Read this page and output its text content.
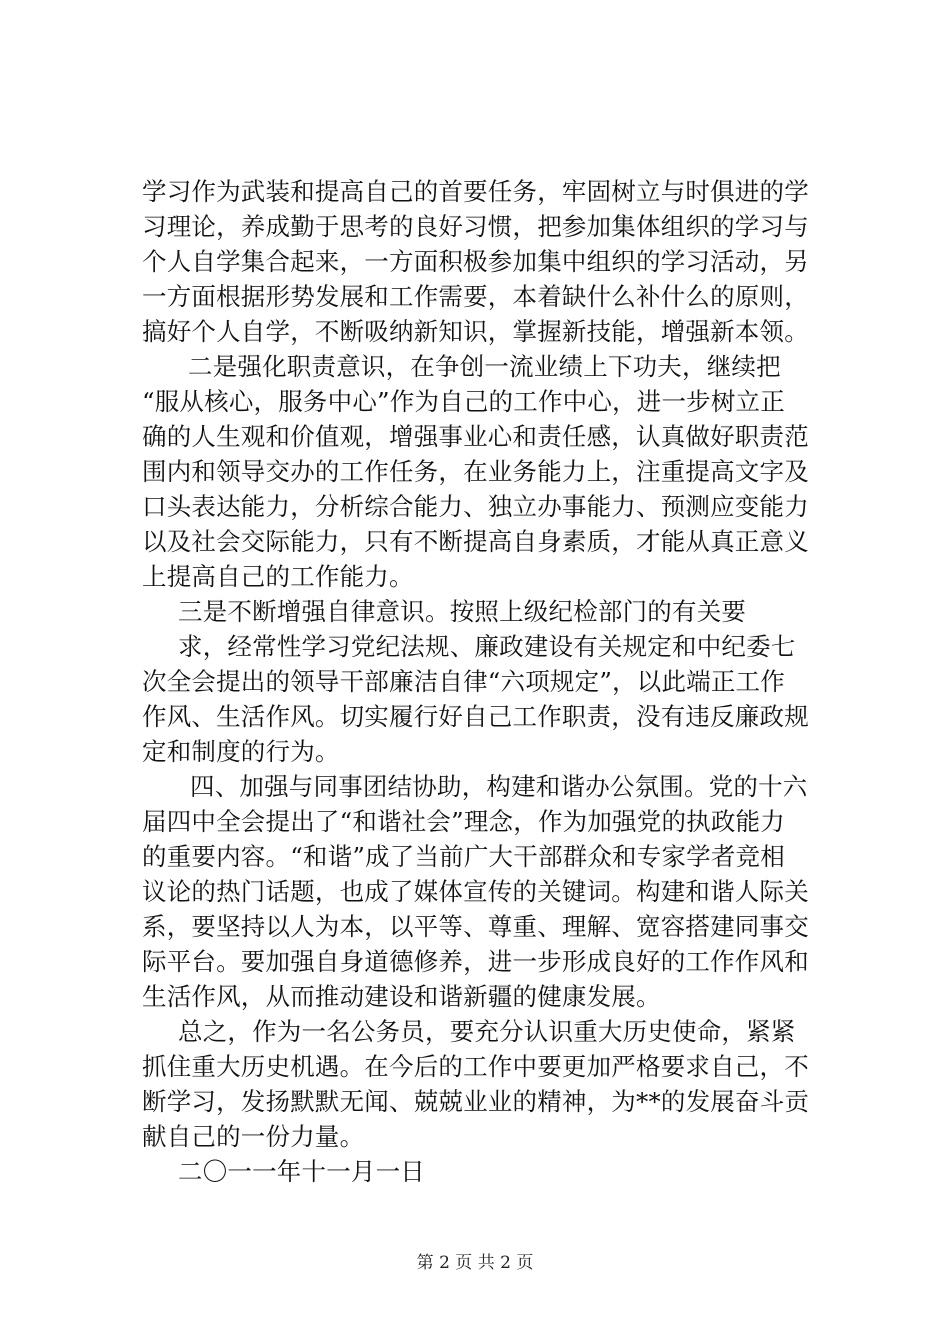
学习作为武装和提高自己的首要任务，牢固树立与时俱进的学
习理论，养成勤于思考的良好习惯，把参加集体组织的学习与
个人自学集合起来，一方面积极参加集中组织的学习活动，另
一方面根据形势发展和工作需要，本着缺什么补什么的原则，
搞好个人自学，不断吸纳新知识，掌握新技能，增强新本领。
二是强化职责意识，在争创一流业绩上下功夫，继续把
“服从核心，服务中心”作为自己的工作中心，进一步树立正
确的人生观和价值观，增强事业心和责任感，认真做好职责范
围内和领导交办的工作任务，在业务能力上，注重提高文字及
口头表达能力，分析综合能力、独立办事能力、预测应变能力
以及社会交际能力，只有不断提高自身素质，才能从真正意义
上提高自己的工作能力。
三是不断增强自律意识。按照上级纪检部门的有关要
求，经常性学习党纪法规、廉政建设有关规定和中纪委七
次全会提出的领导干部廉洁自律“六项规定”，以此端正工作
作风、生活作风。切实履行好自己工作职责，没有违反廉政规
定和制度的行为。
四、加强与同事团结协助，构建和谐办公氛围。党的十六
届四中全会提出了“和谐社会”理念，作为加强党的执政能力
的重要内容。“和谐”成了当前广大干部群众和专家学者竞相
议论的热门话题，也成了媒体宣传的关键词。构建和谐人际关
系，要坚持以人为本，以平等、尊重、理解、宽容搭建同事交
际平台。要加强自身道德修养，进一步形成良好的工作作风和
生活作风，从而推动建设和谐新疆的健康发展。
总之，作为一名公务员，要充分认识重大历史使命，紧紧
抓住重大历史机遇。在今后的工作中要更加严格要求自己，不
断学习，发扬默默无闻、兢兢业业的精神，为**的发展奋斗贡
献自己的一份力量。
二〇一一年十一月一日
第 2 页 共 2 页
